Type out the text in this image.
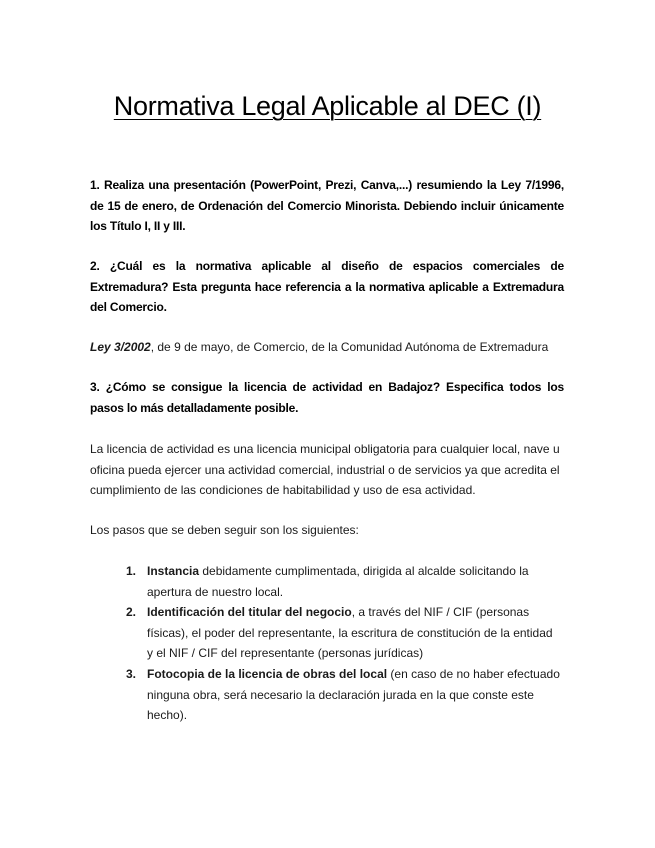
Normativa Legal Aplicable al DEC (I)

1. Realiza una presentación (PowerPoint, Prezi, Canva,...) resumiendo la Ley 7/1996, de 15 de enero, de Ordenación del Comercio Minorista. Debiendo incluir únicamente los Título I, II y III.

2. ¿Cuál es la normativa aplicable al diseño de espacios comerciales de Extremadura? Esta pregunta hace referencia a la normativa aplicable a Extremadura del Comercio.

Ley 3/2002, de 9 de mayo, de Comercio, de la Comunidad Autónoma de Extremadura

3. ¿Cómo se consigue la licencia de actividad en Badajoz? Especifica todos los pasos lo más detalladamente posible.

La licencia de actividad es una licencia municipal obligatoria para cualquier local, nave u oficina pueda ejercer una actividad comercial, industrial o de servicios ya que acredita el cumplimiento de las condiciones de habitabilidad y uso de esa actividad.

Los pasos que se deben seguir son los siguientes:

1. Instancia debidamente cumplimentada, dirigida al alcalde solicitando la apertura de nuestro local.
2. Identificación del titular del negocio, a través del NIF / CIF (personas físicas), el poder del representante, la escritura de constitución de la entidad y el NIF / CIF del representante (personas jurídicas)
3. Fotocopia de la licencia de obras del local (en caso de no haber efectuado ninguna obra, será necesario la declaración jurada en la que conste este hecho).
